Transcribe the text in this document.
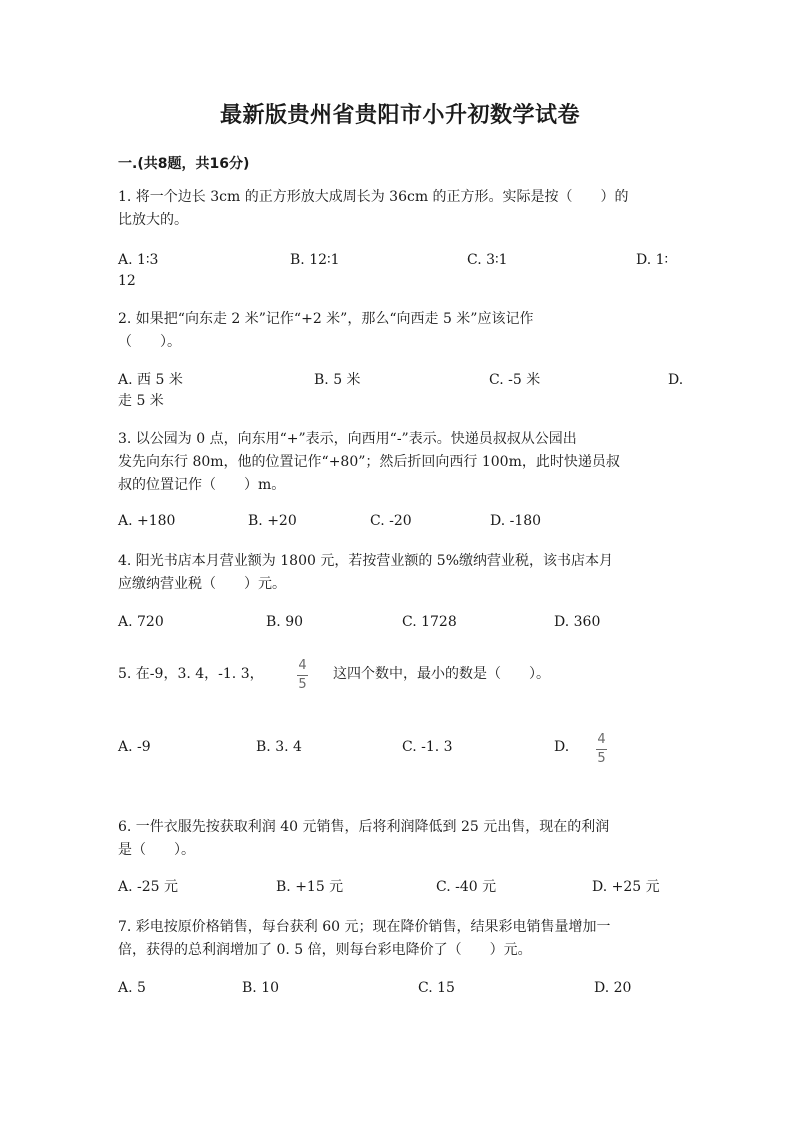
最新版贵州省贵阳市小升初数学试卷
一.(共8题，共16分)
1. 将一个边长 3cm 的正方形放大成周长为 36cm 的正方形。实际是按（　　）的
比放大的。
A. 1∶3	B. 12∶1	C. 3∶1	D. 1∶
12
2. 如果把“向东走 2 米”记作“+2 米”，那么“向西走 5 米”应该记作
（　　）。
A. 西 5 米	B. 5 米	C. -5 米	D.
走 5 米
3. 以公园为 0 点，向东用“+”表示，向西用“-”表示。快递员叔叔从公园出
发先向东行 80m，他的位置记作“+80”；然后折回向西行 100m，此时快递员叔
叔的位置记作（　　）m。
A. +180	B. +20	C. -20	D. -180
4. 阳光书店本月营业额为 1800 元，若按营业额的 5%缴纳营业税，该书店本月
应缴纳营业税（　　）元。
A. 720	B. 90	C. 1728	D. 360
5. 在-9，3. 4，-1. 3，
4
5
这四个数中，最小的数是（　　）。
A. -9	B. 3. 4	C. -1. 3	D. 4
5
6. 一件衣服先按获取利润 40 元销售，后将利润降低到 25 元出售，现在的利润
是（　　）。
A. -25 元	B. +15 元	C. -40 元	D. +25 元
7. 彩电按原价格销售，每台获利 60 元；现在降价销售，结果彩电销售量增加一
倍，获得的总利润增加了 0. 5 倍，则每台彩电降价了（　　）元。
A. 5	B. 10	C. 15	D. 20
